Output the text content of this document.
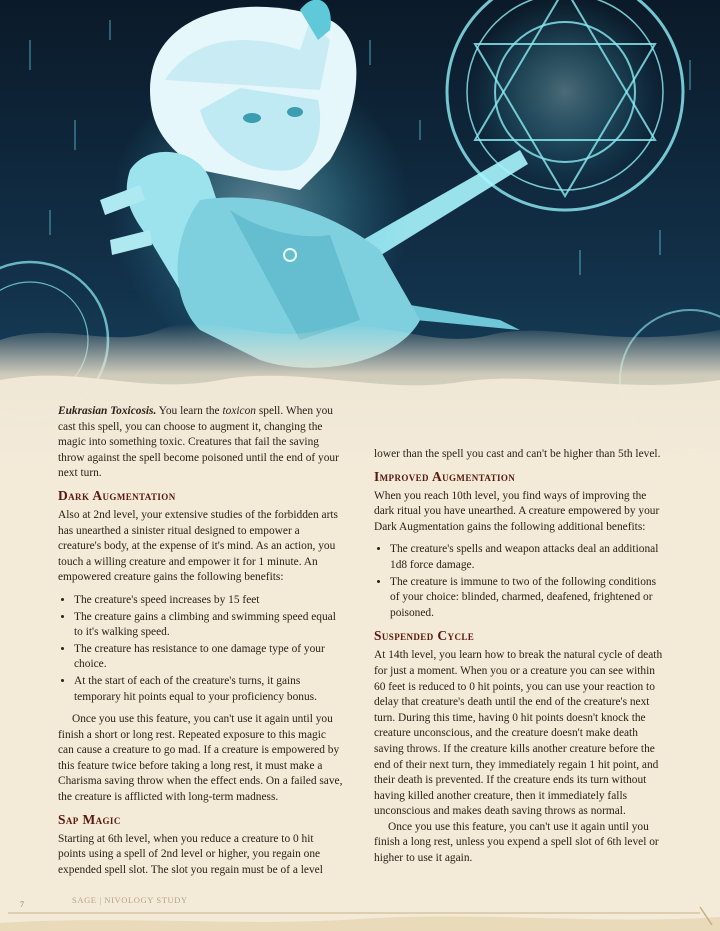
Eukrasian Toxicosis. You learn the toxicon spell. When you cast this spell, you can choose to augment it, changing the magic into something toxic. Creatures that fail the saving throw against the spell become poisoned until the end of your next turn.

Dark Augmentation

Also at 2nd level, your extensive studies of the forbidden arts has unearthed a sinister ritual designed to empower a creature's body, at the expense of it's mind. As an action, you touch a willing creature and empower it for 1 minute. An empowered creature gains the following benefits:

• The creature's speed increases by 15 feet
• The creature gains a climbing and swimming speed equal to it's walking speed.
• The creature has resistance to one damage type of your choice.
• At the start of each of the creature's turns, it gains temporary hit points equal to your proficiency bonus.

Once you use this feature, you can't use it again until you finish a short or long rest. Repeated exposure to this magic can cause a creature to go mad. If a creature is empowered by this feature twice before taking a long rest, it must make a Charisma saving throw when the effect ends. On a failed save, the creature is afflicted with long-term madness.

Sap Magic

Starting at 6th level, when you reduce a creature to 0 hit points using a spell of 2nd level or higher, you regain one expended spell slot. The slot you regain must be of a level

lower than the spell you cast and can't be higher than 5th level.

Improved Augmentation

When you reach 10th level, you find ways of improving the dark ritual you have unearthed. A creature empowered by your Dark Augmentation gains the following additional benefits:

• The creature's spells and weapon attacks deal an additional 1d8 force damage.
• The creature is immune to two of the following conditions of your choice: blinded, charmed, deafened, frightened or poisoned.
Suspended Cycle

At 14th level, you learn how to break the natural cycle of death for just a moment. When you or a creature you can see within 60 feet is reduced to 0 hit points, you can use your reaction to delay that creature's death until the end of the creature's next turn. During this time, having 0 hit points doesn't knock the creature unconscious, and the creature doesn't make death saving throws. If the creature kills another creature before the end of their next turn, they immediately regain 1 hit point, and their death is prevented. If the creature ends its turn without having killed another creature, then it immediately falls unconscious and makes death saving throws as normal.

Once you use this feature, you can't use it again until you finish a long rest, unless you expend a spell slot of 6th level or higher to use it again.

7	SAGE | NIVOLOGY STUDY
